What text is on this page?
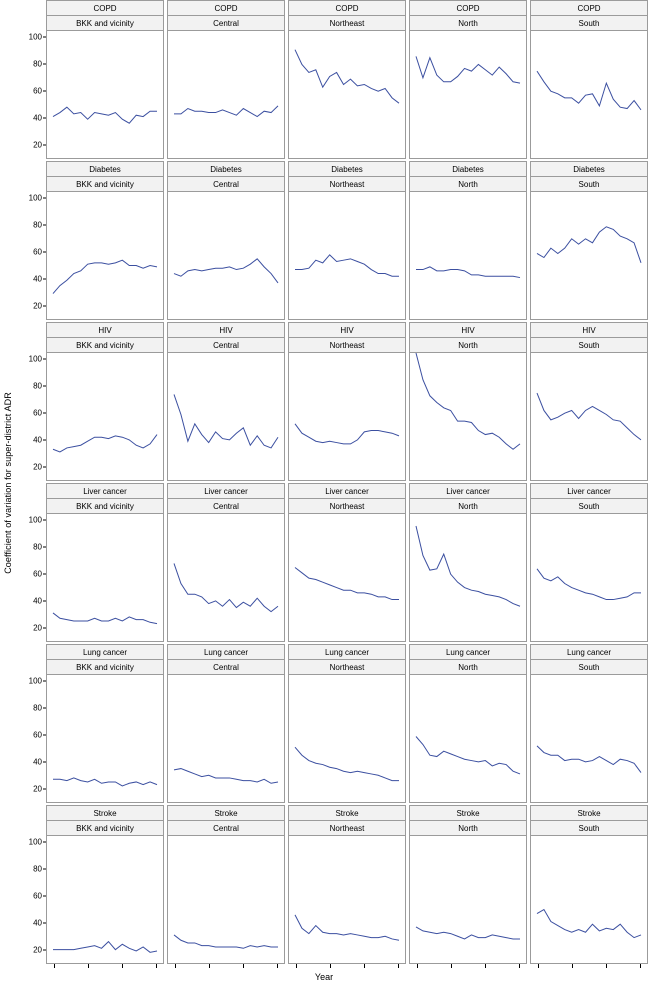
Coefficient of variation for super-district ADR
20
40
60
80
100
COPD
BKK and vicinity
COPD
Central
COPD
Northeast
COPD
North
COPD
South
20
40
60
80
100
Diabetes
BKK and vicinity
Diabetes
Central
Diabetes
Northeast
Diabetes
North
Diabetes
South
20
40
60
80
100
HIV
BKK and vicinity
HIV
Central
HIV
Northeast
HIV
North
HIV
South
20
40
60
80
100
Liver cancer
BKK and vicinity
Liver cancer
Central
Liver cancer
Northeast
Liver cancer
North
Liver cancer
South
20
40
60
80
100
Lung cancer
BKK and vicinity
Lung cancer
Central
Lung cancer
Northeast
Lung cancer
North
Lung cancer
South
20
40
60
80
100
Stroke
BKK and vicinity
Stroke
Central
Stroke
Northeast
Stroke
North
Stroke
South
Year
